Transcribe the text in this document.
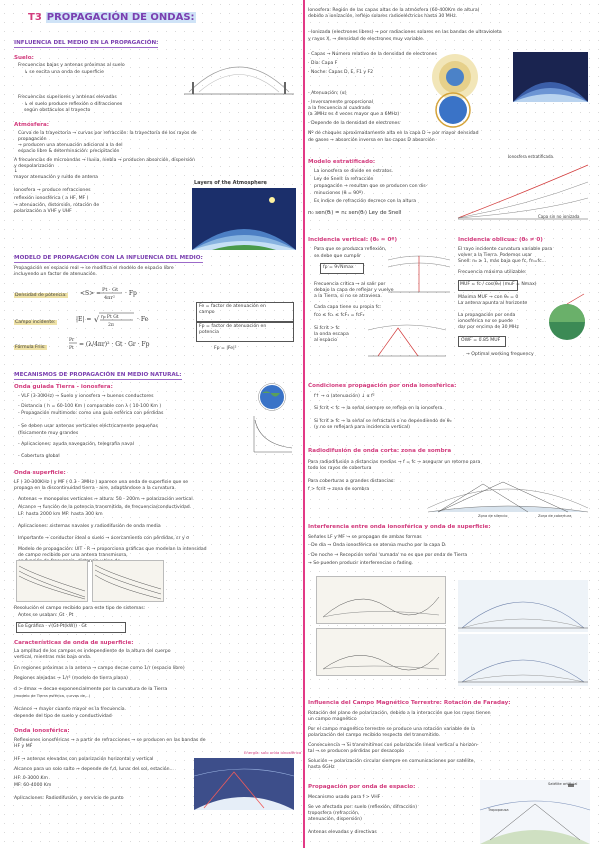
T3 PROPAGACIÓN DE ONDAS:
INFLUENCIA DEL MEDIO EN LA PROPAGACIÓN:
Suelo:
Frecuencias bajas y antenas próximas al suelo
↳ se excita una onda de superficie
Frecuencias superiores y antenas elevadas
↳ el suelo produce reflexión o difracciones
según obstáculos al trayecto
Atmósfera:
Curva de la trayectoria → curvas por refracción: la trayectoria de los rayos de
propagación
→ producen una atenuación adicional a la del
espacio libre & determinación: precipitación
A frecuencias de microondas → lluvia, niebla → producen absorción, dispersión
y despolarización
↓
mayor atenuación y ruido de antena
Ionosfera → produce refracciones
reflexión ionosférica ( a HF, MF )
→ atenuación, distorsión, rotación de
polarización a VHF y UHF
Layers of the Atmosphere
MODELO DE PROPAGACIÓN CON LA INFLUENCIA DEL MEDIO:
Propagación en espacio real → se modifica el modelo de espacio libre
incluyendo un factor de atenuación.
Densidad de potencia: <S> = Pt · Gt
4πr²
· Fp
Campo incidente:	|E| = √ η₀ Pt Gt
2π
· Fe
Fórmula Friis:
Pr
Pt
= (λ/4πr)² · Gt · Gr · Fp
Fe = factor de atenuación en
campo
Fp = factor de atenuación en
potencia
Fp = |Fe|²
MECANISMOS DE PROPAGACIÓN EN MEDIO NATURAL:
Onda guiada Tierra - ionosfera:
- VLF (3-30KHz) → Suelo y ionosfera → buenos conductores
- Distancia ( h = 60-100 Km ) comparable con λ ( 10-100 Km )
- Propagación multimodo: como una guía esférica con pérdidas
- Se deben usar antenas verticales eléctricamente pequeñas
(físicamente muy grandes
- Aplicaciones: ayuda navegación, telegrafía naval
- Cobertura global
Onda superficie:
LF ( 30-300KHz ) y MF ( 0.3 - 3MHz ) aparece una onda de superficie que se
propaga en la discontinuidad tierra - aire, adaptándose a la curvatura.
Antenas → monopolos verticales → altura: 50 - 200m → polarización vertical
Alcance → función de la potencia transmitida, de frecuencia/conductividad.
LF: hasta 2000 km MF: hasta 300 km
Aplicaciones: sistemas navales y radiodifusión de onda media
Importante → conductor ideal o suelo → acercamiento con pérdidas, εr y σ
Modelo de propagación: UIT - R → proporciona gráficas que modelan la intensidad
de campo recibido por una antena transmisora,
distancia
Resolución el campo recibido para este tipo de sistemas:
Antes se usaban: Gt · Pt
Eo Egráfica · √(Gt·Pt(kW)) · Gt
Características de onda de superficie:
La amplitud de los campos es independiente de la altura del cuerpo
vertical, mientras más baja onda.
En regiones próximas a la antena → campo decae como 1/r (espacio libre)
Regiones alejadas → 1/r² (modelo de tierra plana)
d > dmax → decae exponencialmente por la curvatura de la Tierra
(modelo de Tierra esférica, curvas de...)
Alcance → mayor cuanto mayor es la frecuencia.
depende del tipo de suelo y conductividad
Onda ionosférica:
Reflexiones ionosféricas → a partir de refracciones → se producen en las bandas de
HF y MF
HF → antenas elevadas con polarización horizontal y vertical
Alcance para un solo salto → depende de f,d, lunar del sol, estación...
HF: 0-3000 Km
MF: 60-4000 Km
Aplicaciones: Radiodifusión, y servicio de punto
Energía: solo onda ionosférica
Ionosfera: Región de las capas altas de la atmósfera (60-400Km de altura)
debido a ionización, reflejo solares radioeléctricos hasta 30 MHz.
- Ionizada (electrones libres) → por radiaciones solares en las bandas de ultravioleta
y rayos X, → densidad de electrones muy variable.
- Capas → Número relativo de la densidad de electrones
· Día: Capa F
· Noche: Capas D, E, F1 y F2
- Atenuación: (α)
- Inversamente proporcional
a la frecuencia al cuadrado
(a 3MHz es 4 veces mayor que a 6MHz)
- Depende de la densidad de electrones
Nº de choques aproximadamente alta en la capa D → por mayor densidad
de gases → absorción inversa en las capas D absorción
Modelo estratificado:
La ionosfera se divide en estratos.
Ley de Snell: la refracción
propagación → resultan que se producen con dis-
minuciones (θ = 90º)
Es índice de refracción decrece con la altura
n₀ sen(θᵢ) = n₁ sen(θᵣ) Ley de Snell
Ionosfera estratificada
Capa sin no ionizada
Incidencia vertical: (θ₀ = 0º)
Para que se produzca reflexión,
se debe que cumplir
fp = 9√Nmax
Frecuencia crítica → al salir por
debajo la capa de reflejar y vuelve
a la Tierra, si no se atraviesa.
Cada capa tiene su propia fc:
fco ≤ fc₁ ≤ fcF₁ = fcF₂
Si fcrit > fc
la onda escapa
al espacio
Incidencia oblicua: (θ₀ ≠ 0)
El rayo incidente curvatura variable para
volver a la Tierra. Podemos usar
Snell: n₀ ≥ 1, más baja que fc, fn=fc...
Frecuencia máxima utilizable:
MUF = fc / cos(θ₀) (muF = Nmax)
Máxima MUF → con θ₀ = 0
La antena apunta al horizonte
La propagación por onda
ionosférica no se puede
dar por encima de 30 MHz
OWF = 0.85 MUF
→ Optimal working frequency
Condiciones propagación por onda ionosférica:
f↑ → α (atenuación) ↓ α f²
Si fcrit < fc → la señal siempre se refleja en la ionosfera.
Si fcrit ≥ fc → la señal se refractará o no dependiendo de θ₀
(y no se reflejará para incidencia vertical)
Radiodifusión de onda corta: zona de sombra
Para radiodifusión a distancias medias → f = fc → asegurar un retorno para
todo los rayos de cobertura
Para coberturas a grandes distancias:
f > fcrit → zona de sombra
Zona de silencio	Zona de cobertura
Interferencia entre onda ionosférica y onda de superficie:
Señales LF y MF → se propagan de ambas formas
- De día → Onda ionosférica se atenúa mucho por la capa D.
- De noche → Recepción señal 'sumada' no es que por onda de Tierra
→ Se pueden producir interferencias o fading.
Influencia del Campo Magnético Terrestre: Rotación de Faraday:
Rotación del plano de polarización, debido a la interacción que los rayos tienen
un campo magnético
Por el campo magnético terrestre se produce una rotación variable de la
polarización del campo recibido respecto del transmitido.
Consecuencia → Si transmitimos con polarización lineal vertical u horizon-
tal → se producen pérdidas por desacoplo
Solución → polarización circular siempre en comunicaciones por satélite,
hasta 6GHz
Propagación por onda de espacio:
Mecanismo usado para f > VHF
Se ve afectada por: suelo (reflexión, difracción)
troposfera (refracción,
atenuación, dispersión)
Antenas elevadas y directivas
Tropopausa
Satélite artificial
